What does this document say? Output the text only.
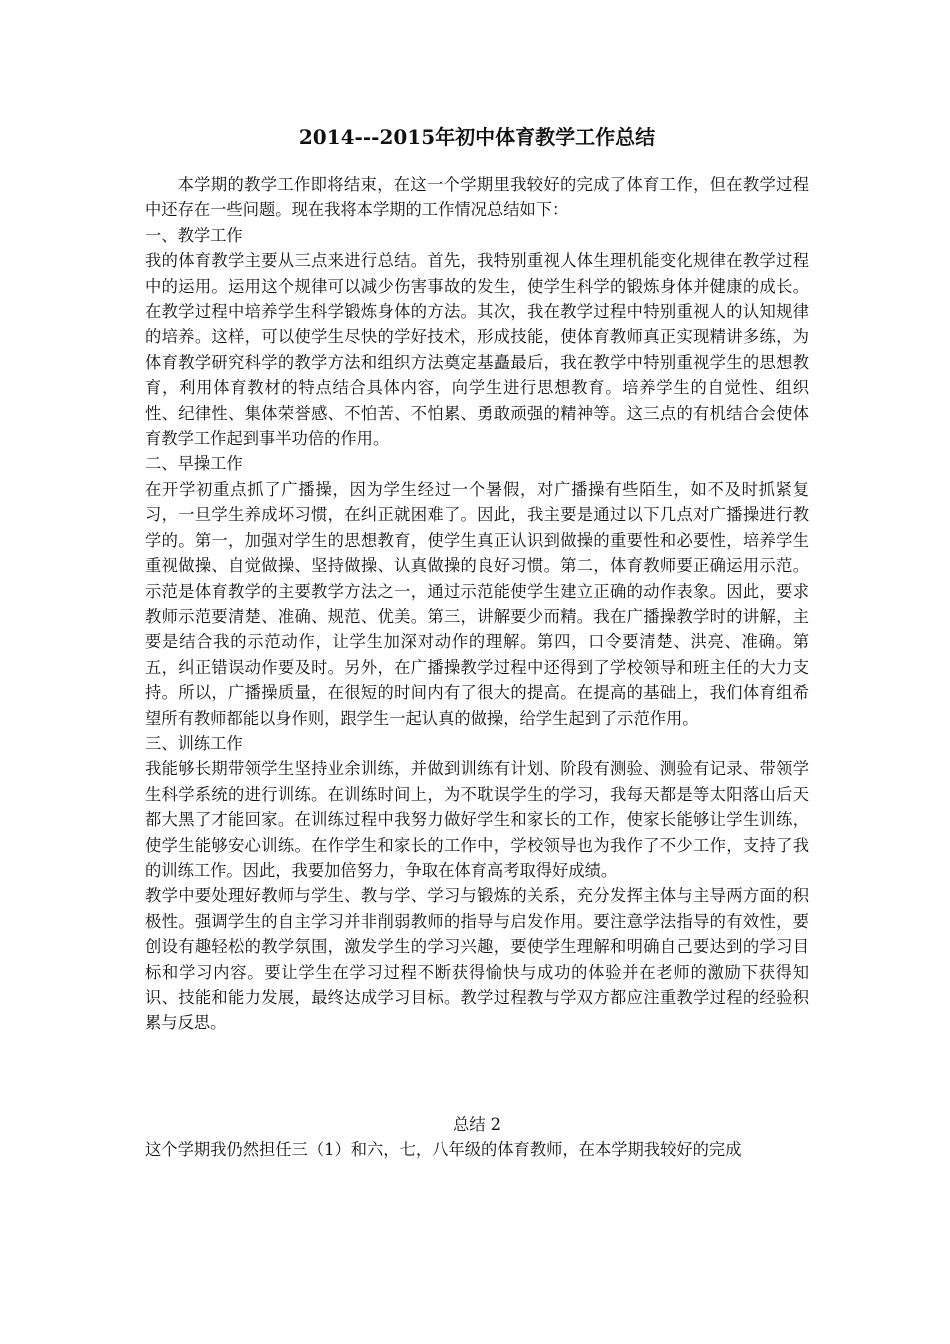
2014---2015年初中体育教学工作总结

本学期的教学工作即将结束，在这一个学期里我较好的完成了体育工作，但在教学过程中还存在一些问题。现在我将本学期的工作情况总结如下：

一、教学工作

我的体育教学主要从三点来进行总结。首先，我特别重视人体生理机能变化规律在教学过程中的运用。运用这个规律可以减少伤害事故的发生，使学生科学的锻炼身体并健康的成长。在教学过程中培养学生科学锻炼身体的方法。其次，我在教学过程中特别重视人的认知规律的培养。这样，可以使学生尽快的学好技术，形成技能，使体育教师真正实现精讲多练，为体育教学研究科学的教学方法和组织方法奠定基矗最后，我在教学中特别重视学生的思想教育，利用体育教材的特点结合具体内容，向学生进行思想教育。培养学生的自觉性、组织性、纪律性、集体荣誉感、不怕苦、不怕累、勇敢顽强的精神等。这三点的有机结合会使体育教学工作起到事半功倍的作用。

二、早操工作

在开学初重点抓了广播操，因为学生经过一个暑假，对广播操有些陌生，如不及时抓紧复习，一旦学生养成坏习惯，在纠正就困难了。因此，我主要是通过以下几点对广播操进行教学的。第一，加强对学生的思想教育，使学生真正认识到做操的重要性和必要性，培养学生重视做操、自觉做操、坚持做操、认真做操的良好习惯。第二，体育教师要正确运用示范。示范是体育教学的主要教学方法之一，通过示范能使学生建立正确的动作表象。因此，要求教师示范要清楚、准确、规范、优美。第三，讲解要少而精。我在广播操教学时的讲解，主要是结合我的示范动作，让学生加深对动作的理解。第四，口令要清楚、洪亮、准确。第五，纠正错误动作要及时。另外，在广播操教学过程中还得到了学校领导和班主任的大力支持。所以，广播操质量，在很短的时间内有了很大的提高。在提高的基础上，我们体育组希望所有教师都能以身作则，跟学生一起认真的做操，给学生起到了示范作用。

三、训练工作

我能够长期带领学生坚持业余训练，并做到训练有计划、阶段有测验、测验有记录、带领学生科学系统的进行训练。在训练时间上，为不耽误学生的学习，我每天都是等太阳落山后天都大黑了才能回家。在训练过程中我努力做好学生和家长的工作，使家长能够让学生训练，使学生能够安心训练。在作学生和家长的工作中，学校领导也为我作了不少工作，支持了我的训练工作。因此，我要加倍努力，争取在体育高考取得好成绩。

教学中要处理好教师与学生、教与学、学习与锻炼的关系，充分发挥主体与主导两方面的积极性。强调学生的自主学习并非削弱教师的指导与启发作用。要注意学法指导的有效性，要创设有趣轻松的教学氛围，激发学生的学习兴趣，要使学生理解和明确自己要达到的学习目标和学习内容。要让学生在学习过程不断获得愉快与成功的体验并在老师的激励下获得知识、技能和能力发展，最终达成学习目标。教学过程教与学双方都应注重教学过程的经验积累与反思。

总结 2

这个学期我仍然担任三（1）和六，七，八年级的体育教师，在本学期我较好的完成
